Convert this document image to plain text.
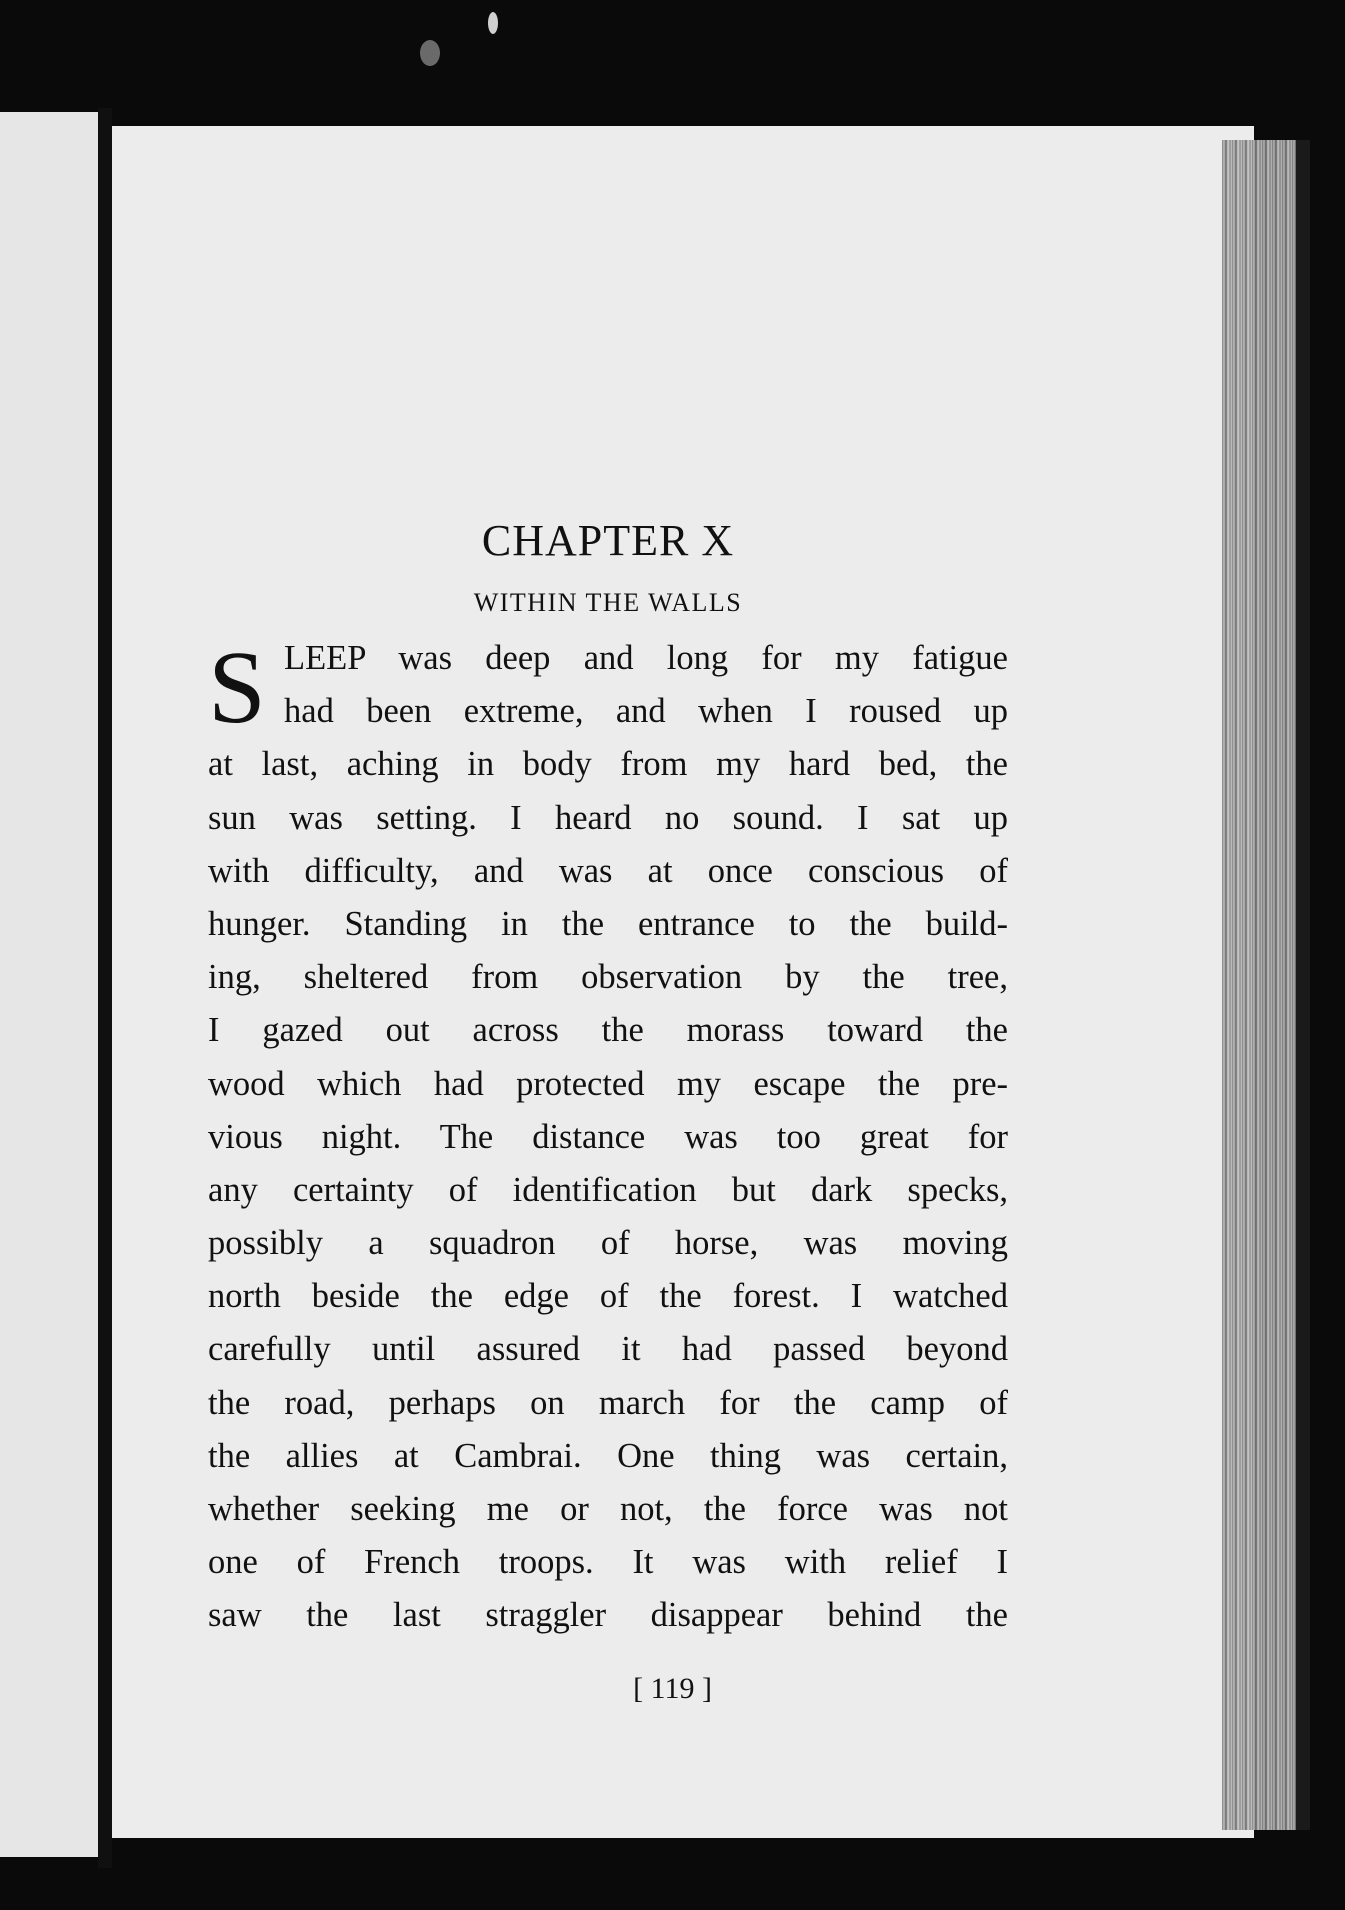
CHAPTER X
WITHIN THE WALLS
S LEEP was deep and long for my fatigue
had been extreme, and when I roused up
at last, aching in body from my hard bed, the
sun was setting. I heard no sound. I sat up
with difficulty, and was at once conscious of
hunger. Standing in the entrance to the build-
ing, sheltered from observation by the tree,
I gazed out across the morass toward the
wood which had protected my escape the pre-
vious night. The distance was too great for
any certainty of identification but dark specks,
possibly a squadron of horse, was moving
north beside the edge of the forest. I watched
carefully until assured it had passed beyond
the road, perhaps on march for the camp of
the allies at Cambrai. One thing was certain,
whether seeking me or not, the force was not
one of French troops. It was with relief I
saw the last straggler disappear behind the
[ 119 ]
